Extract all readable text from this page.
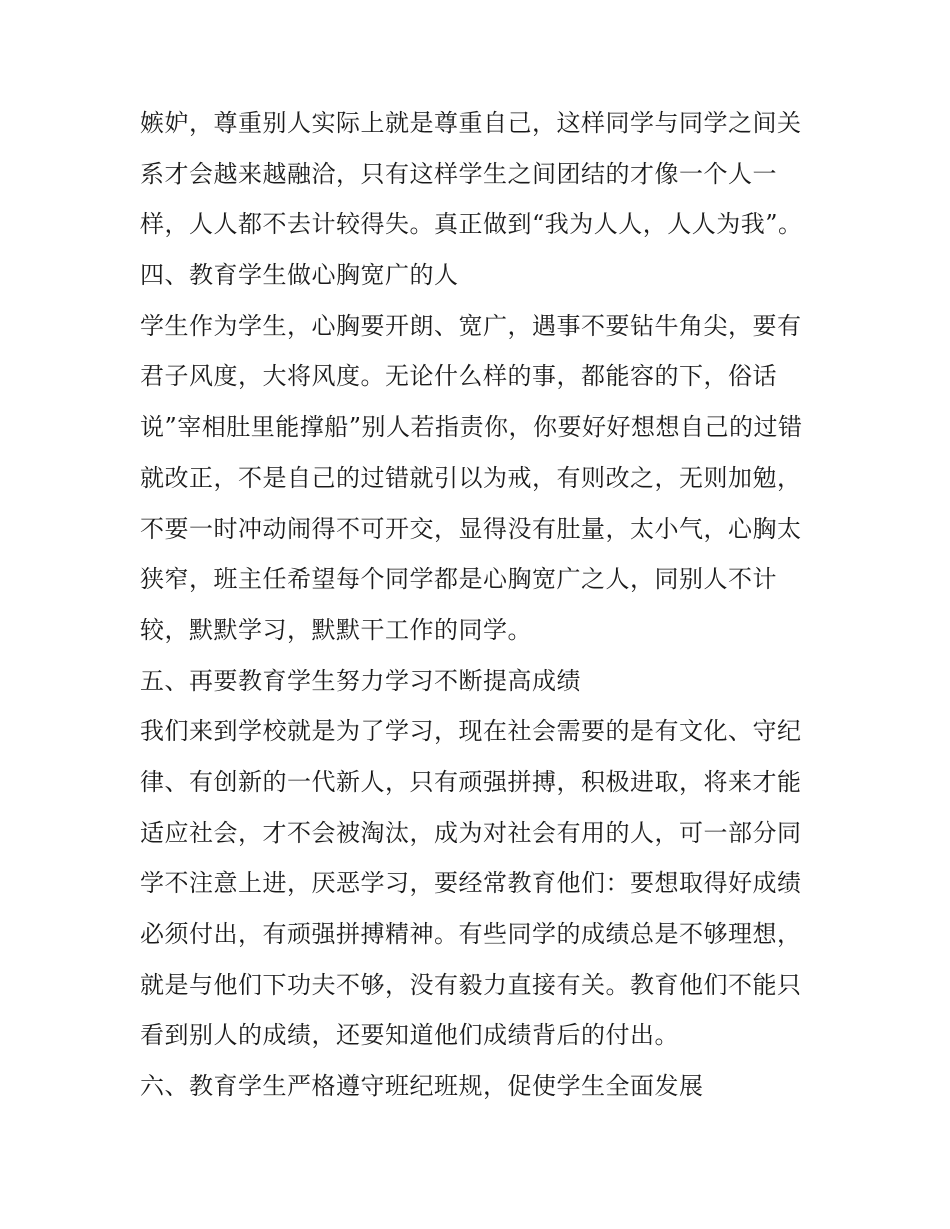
嫉妒，尊重别人实际上就是尊重自己，这样同学与同学之间关
系才会越来越融洽，只有这样学生之间团结的才像一个人一
样，人人都不去计较得失。真正做到“我为人人，人人为我”。
四、教育学生做心胸宽广的人
学生作为学生，心胸要开朗、宽广，遇事不要钻牛角尖，要有
君子风度，大将风度。无论什么样的事，都能容的下，俗话
说”宰相肚里能撑船”别人若指责你，你要好好想想自己的过错
就改正，不是自己的过错就引以为戒，有则改之，无则加勉，
不要一时冲动闹得不可开交，显得没有肚量，太小气，心胸太
狭窄，班主任希望每个同学都是心胸宽广之人，同别人不计
较，默默学习，默默干工作的同学。
五、再要教育学生努力学习不断提高成绩
我们来到学校就是为了学习，现在社会需要的是有文化、守纪
律、有创新的一代新人，只有顽强拼搏，积极进取，将来才能
适应社会，才不会被淘汰，成为对社会有用的人，可一部分同
学不注意上进，厌恶学习，要经常教育他们：要想取得好成绩
必须付出，有顽强拼搏精神。有些同学的成绩总是不够理想，
就是与他们下功夫不够，没有毅力直接有关。教育他们不能只
看到别人的成绩，还要知道他们成绩背后的付出。
六、教育学生严格遵守班纪班规，促使学生全面发展
